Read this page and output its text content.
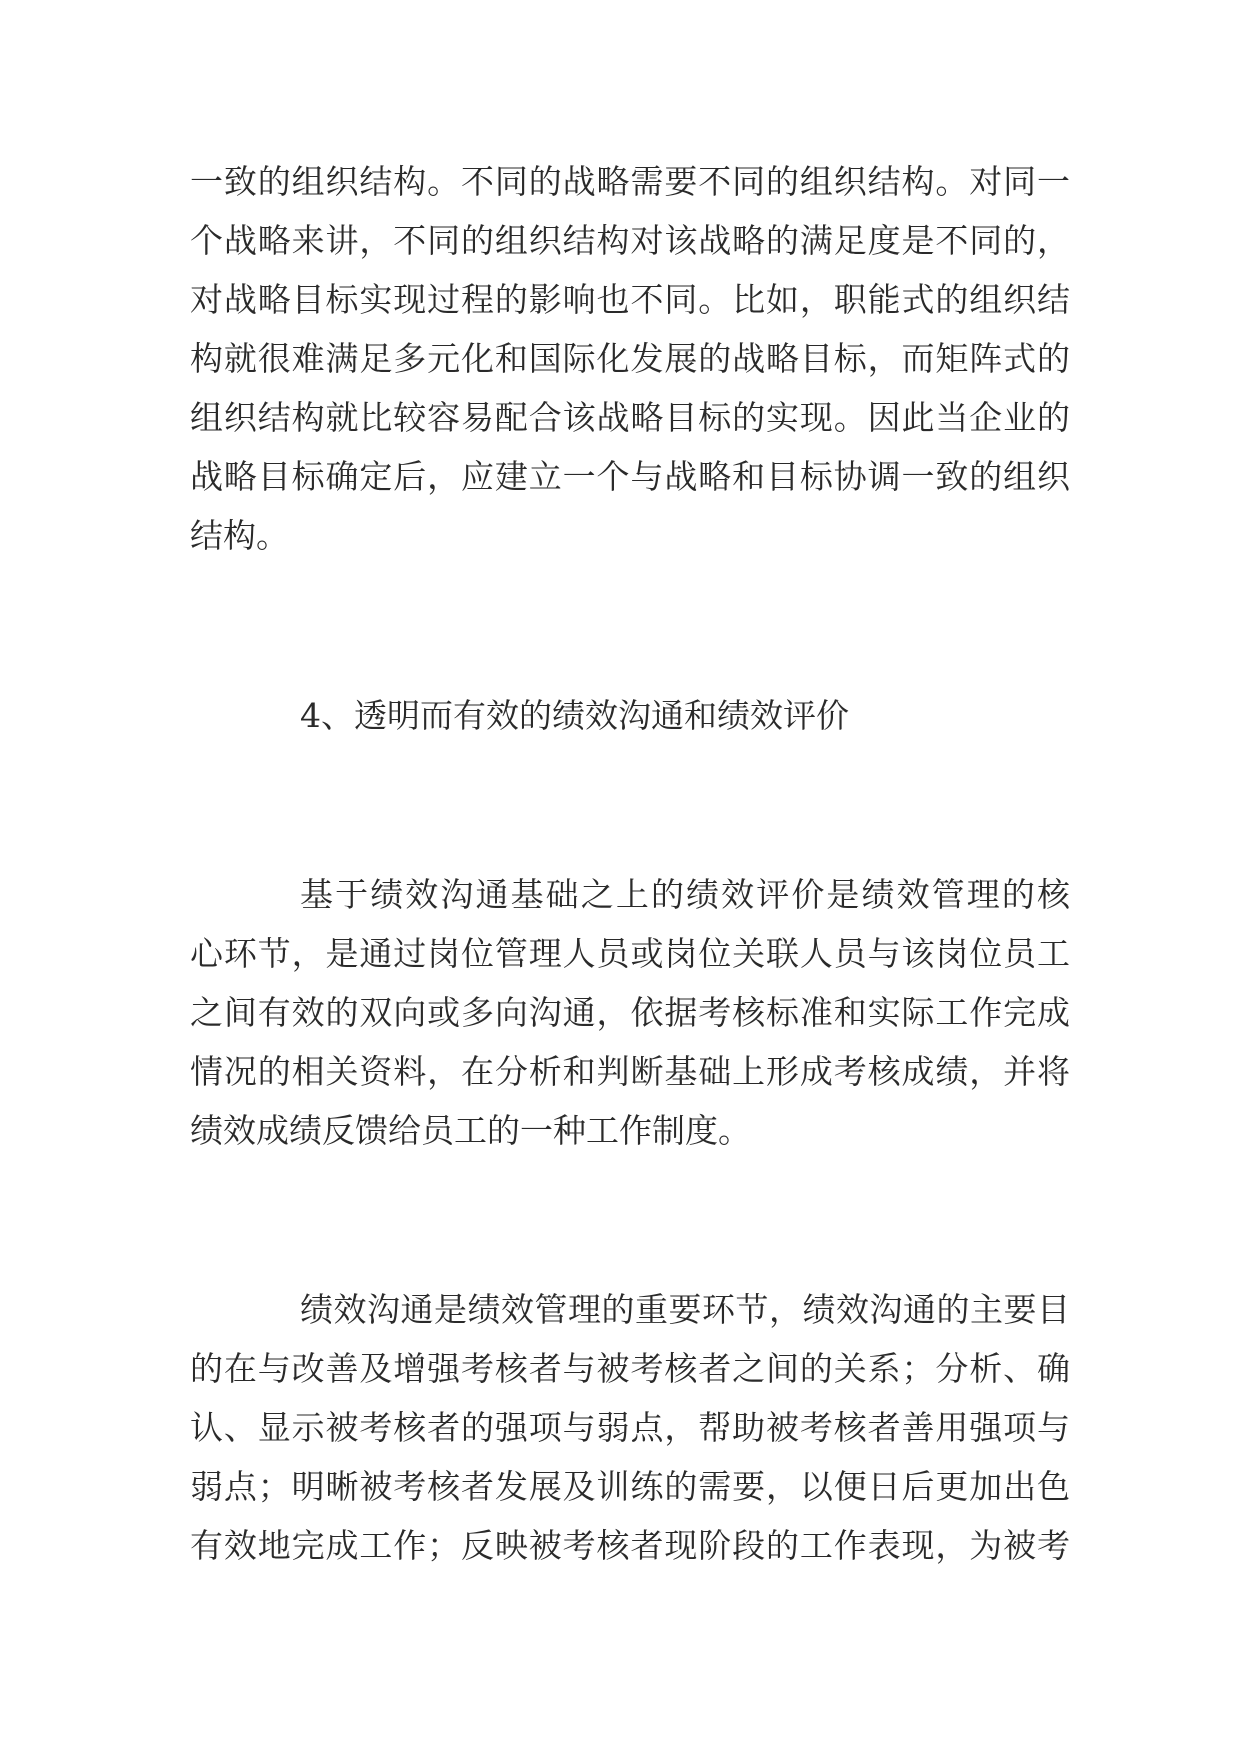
一致的组织结构。不同的战略需要不同的组织结构。对同一
个战略来讲，不同的组织结构对该战略的满足度是不同的，
对战略目标实现过程的影响也不同。比如，职能式的组织结
构就很难满足多元化和国际化发展的战略目标，而矩阵式的
组织结构就比较容易配合该战略目标的实现。因此当企业的
战略目标确定后，应建立一个与战略和目标协调一致的组织
结构。
4、透明而有效的绩效沟通和绩效评价
基于绩效沟通基础之上的绩效评价是绩效管理的核
心环节，是通过岗位管理人员或岗位关联人员与该岗位员工
之间有效的双向或多向沟通，依据考核标准和实际工作完成
情况的相关资料，在分析和判断基础上形成考核成绩，并将
绩效成绩反馈给员工的一种工作制度。
绩效沟通是绩效管理的重要环节，绩效沟通的主要目
的在与改善及增强考核者与被考核者之间的关系；分析、确
认、显示被考核者的强项与弱点，帮助被考核者善用强项与
弱点；明晰被考核者发展及训练的需要，以便日后更加出色
有效地完成工作；反映被考核者现阶段的工作表现，为被考
